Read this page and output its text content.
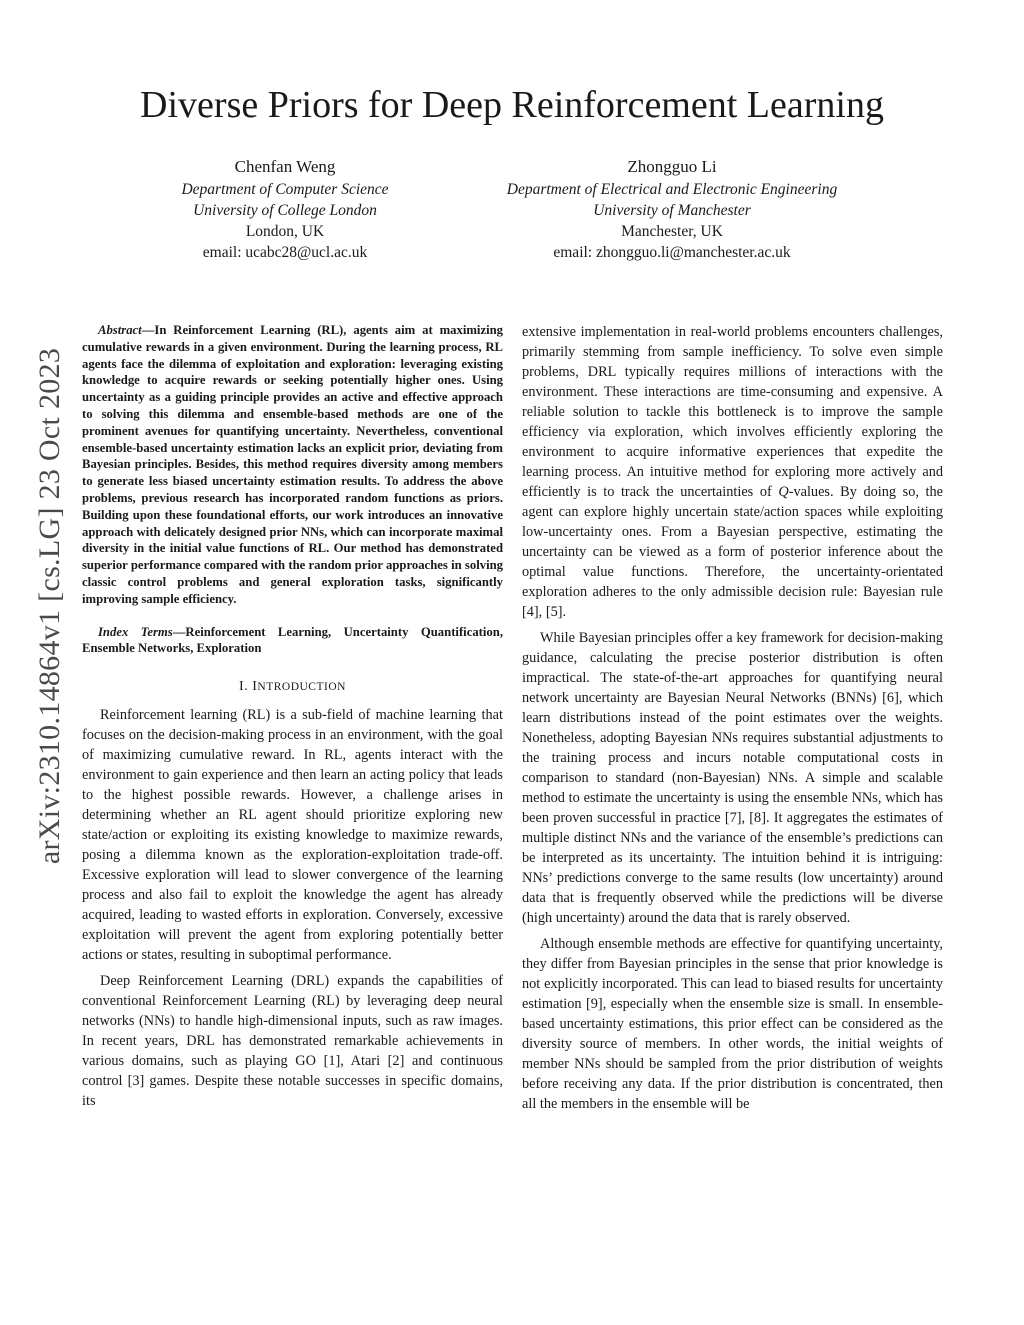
Diverse Priors for Deep Reinforcement Learning
Chenfan Weng
Department of Computer Science
University of College London
London, UK
email: ucabc28@ucl.ac.uk
Zhongguo Li
Department of Electrical and Electronic Engineering
University of Manchester
Manchester, UK
email: zhongguo.li@manchester.ac.uk
arXiv:2310.14864v1 [cs.LG] 23 Oct 2023

Abstract—In Reinforcement Learning (RL), agents aim at maximizing cumulative rewards in a given environment. During the learning process, RL agents face the dilemma of exploitation and exploration: leveraging existing knowledge to acquire rewards or seeking potentially higher ones. Using uncertainty as a guiding principle provides an active and effective approach to solving this dilemma and ensemble-based methods are one of the prominent avenues for quantifying uncertainty. Nevertheless, conventional ensemble-based uncertainty estimation lacks an explicit prior, deviating from Bayesian principles. Besides, this method requires diversity among members to generate less biased uncertainty estimation results. To address the above problems, previous research has incorporated random functions as priors. Building upon these foundational efforts, our work introduces an innovative approach with delicately designed prior NNs, which can incorporate maximal diversity in the initial value functions of RL. Our method has demonstrated superior performance compared with the random prior approaches in solving classic control problems and general exploration tasks, significantly improving sample efficiency.

Index Terms—Reinforcement Learning, Uncertainty Quantification, Ensemble Networks, Exploration

I. INTRODUCTION

Reinforcement learning (RL) is a sub-field of machine learning that focuses on the decision-making process in an environment, with the goal of maximizing cumulative reward. In RL, agents interact with the environment to gain experience and then learn an acting policy that leads to the highest possible rewards. However, a challenge arises in determining whether an RL agent should prioritize exploring new state/action or exploiting its existing knowledge to maximize rewards, posing a dilemma known as the exploration-exploitation trade-off. Excessive exploration will lead to slower convergence of the learning process and also fail to exploit the knowledge the agent has already acquired, leading to wasted efforts in exploration. Conversely, excessive exploitation will prevent the agent from exploring potentially better actions or states, resulting in suboptimal performance.

Deep Reinforcement Learning (DRL) expands the capabilities of conventional Reinforcement Learning (RL) by leveraging deep neural networks (NNs) to handle high-dimensional inputs, such as raw images. In recent years, DRL has demonstrated remarkable achievements in various domains, such as playing GO [1], Atari [2] and continuous control [3] games. Despite these notable successes in specific domains, its

extensive implementation in real-world problems encounters challenges, primarily stemming from sample inefficiency. To solve even simple problems, DRL typically requires millions of interactions with the environment. These interactions are time-consuming and expensive. A reliable solution to tackle this bottleneck is to improve the sample efficiency via exploration, which involves efficiently exploring the environment to acquire informative experiences that expedite the learning process. An intuitive method for exploring more actively and efficiently is to track the uncertainties of Q-values. By doing so, the agent can explore highly uncertain state/action spaces while exploiting low-uncertainty ones. From a Bayesian perspective, estimating the uncertainty can be viewed as a form of posterior inference about the optimal value functions. Therefore, the uncertainty-orientated exploration adheres to the only admissible decision rule: Bayesian rule [4], [5].

While Bayesian principles offer a key framework for decision-making guidance, calculating the precise posterior distribution is often impractical. The state-of-the-art approaches for quantifying neural network uncertainty are Bayesian Neural Networks (BNNs) [6], which learn distributions instead of the point estimates over the weights. Nonetheless, adopting Bayesian NNs requires substantial adjustments to the training process and incurs notable computational costs in comparison to standard (non-Bayesian) NNs. A simple and scalable method to estimate the uncertainty is using the ensemble NNs, which has been proven successful in practice [7], [8]. It aggregates the estimates of multiple distinct NNs and the variance of the ensemble’s predictions can be interpreted as its uncertainty. The intuition behind it is intriguing: NNs’ predictions converge to the same results (low uncertainty) around data that is frequently observed while the predictions will be diverse (high uncertainty) around the data that is rarely observed.

Although ensemble methods are effective for quantifying uncertainty, they differ from Bayesian principles in the sense that prior knowledge is not explicitly incorporated. This can lead to biased results for uncertainty estimation [9], especially when the ensemble size is small. In ensemble-based uncertainty estimations, this prior effect can be considered as the diversity source of members. In other words, the initial weights of member NNs should be sampled from the prior distribution of weights before receiving any data. If the prior distribution is concentrated, then all the members in the ensemble will be
